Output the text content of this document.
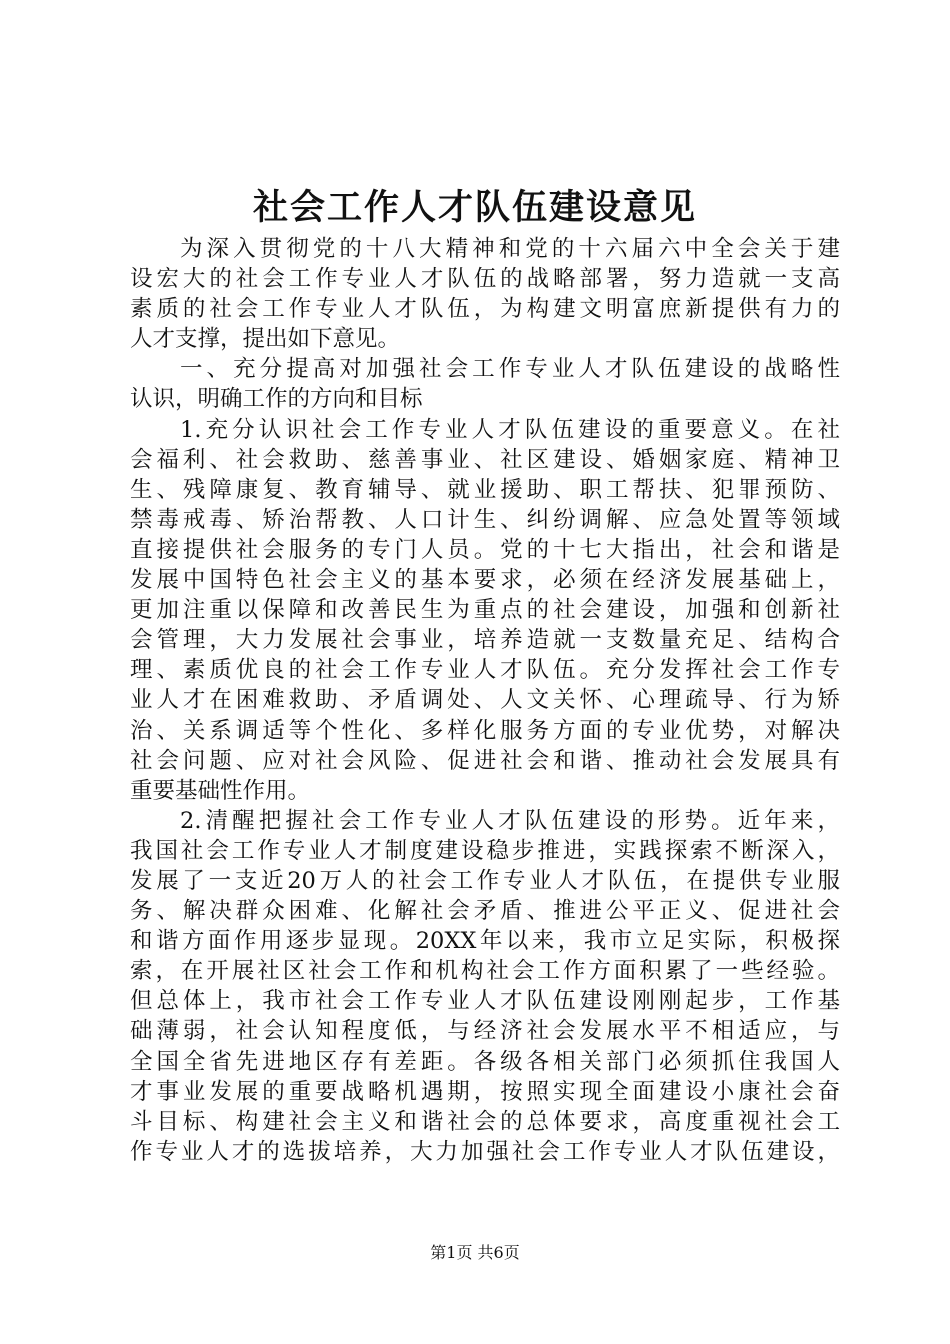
社会工作人才队伍建设意见
为深入贯彻党的十八大精神和党的十六届六中全会关于建
设宏大的社会工作专业人才队伍的战略部署，努力造就一支高
素质的社会工作专业人才队伍，为构建文明富庶新提供有力的
人才支撑，提出如下意见。
一、充分提高对加强社会工作专业人才队伍建设的战略性
认识，明确工作的方向和目标
1.充分认识社会工作专业人才队伍建设的重要意义。在社
会福利、社会救助、慈善事业、社区建设、婚姻家庭、精神卫
生、残障康复、教育辅导、就业援助、职工帮扶、犯罪预防、
禁毒戒毒、矫治帮教、人口计生、纠纷调解、应急处置等领域
直接提供社会服务的专门人员。党的十七大指出，社会和谐是
发展中国特色社会主义的基本要求，必须在经济发展基础上，
更加注重以保障和改善民生为重点的社会建设，加强和创新社
会管理，大力发展社会事业，培养造就一支数量充足、结构合
理、素质优良的社会工作专业人才队伍。充分发挥社会工作专
业人才在困难救助、矛盾调处、人文关怀、心理疏导、行为矫
治、关系调适等个性化、多样化服务方面的专业优势，对解决
社会问题、应对社会风险、促进社会和谐、推动社会发展具有
重要基础性作用。
2.清醒把握社会工作专业人才队伍建设的形势。近年来，
我国社会工作专业人才制度建设稳步推进，实践探索不断深入，
发展了一支近20万人的社会工作专业人才队伍，在提供专业服
务、解决群众困难、化解社会矛盾、推进公平正义、促进社会
和谐方面作用逐步显现。20XX年以来，我市立足实际，积极探
索，在开展社区社会工作和机构社会工作方面积累了一些经验。
但总体上，我市社会工作专业人才队伍建设刚刚起步，工作基
础薄弱，社会认知程度低，与经济社会发展水平不相适应，与
全国全省先进地区存有差距。各级各相关部门必须抓住我国人
才事业发展的重要战略机遇期，按照实现全面建设小康社会奋
斗目标、构建社会主义和谐社会的总体要求，高度重视社会工
作专业人才的选拔培养，大力加强社会工作专业人才队伍建设，
第1页 共6页
